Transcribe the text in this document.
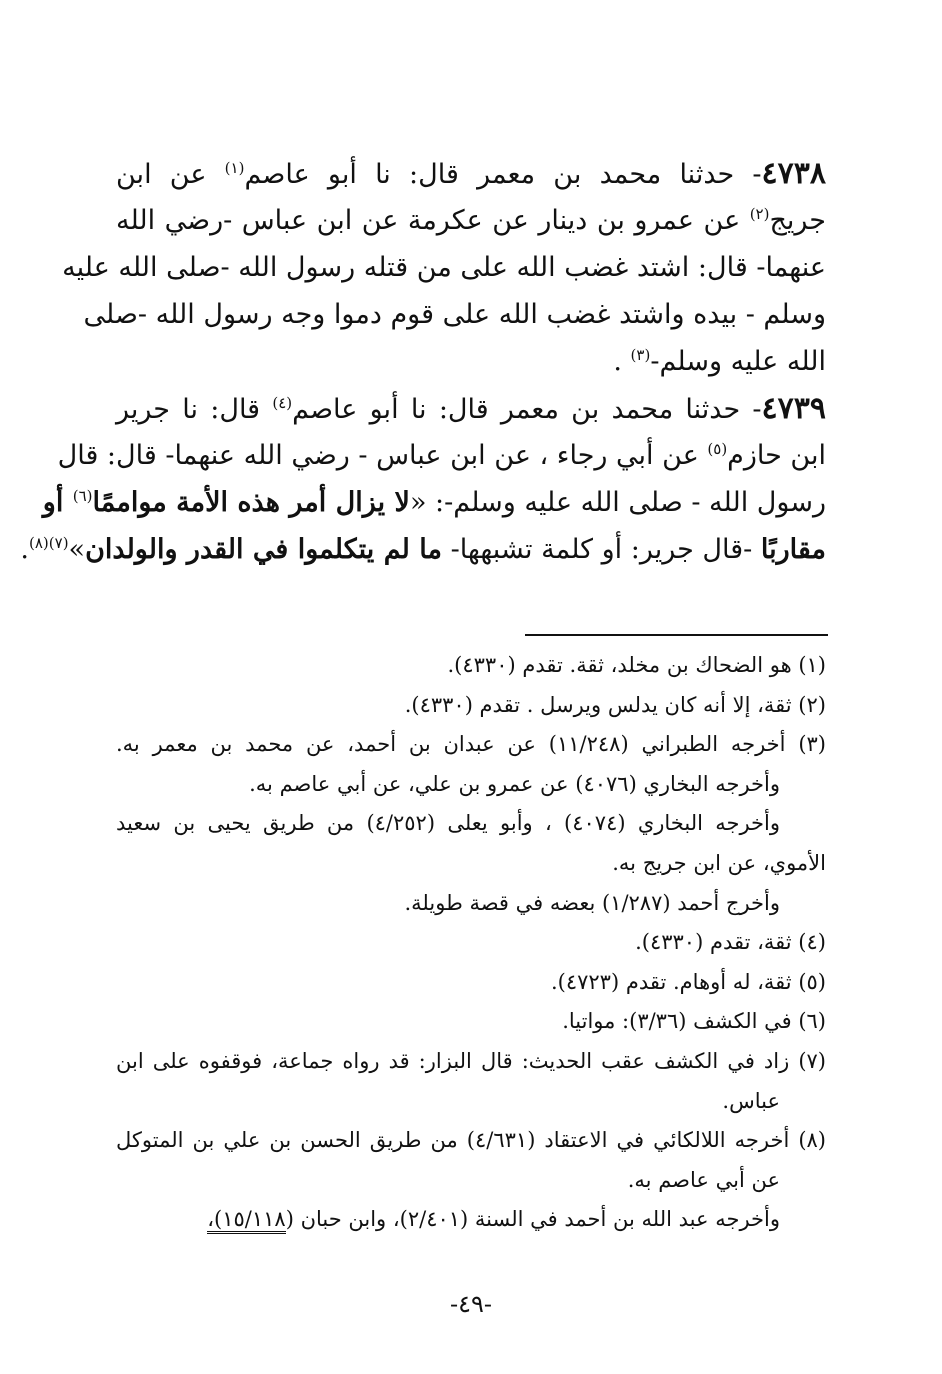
٤٧٣٨- حدثنا محمد بن معمر قال: نا أبو عاصم$^{(١)}$ عن ابن
جريج$^{(٢)}$ عن عمرو بن دينار عن عكرمة عن ابن عباس -رضي الله
عنهما- قال: اشتد غضب الله على من قتله رسول الله -صلى الله عليه
وسلم - بيده واشتد غضب الله على قوم دموا وجه رسول الله -صلى
الله عليه وسلم-$^{(٣)}$ .
٤٧٣٩- حدثنا محمد بن معمر قال: نا أبو عاصم$^{(٤)}$ قال: نا جرير
ابن حازم$^{(٥)}$ عن أبي رجاء ، عن ابن عباس - رضي الله عنهما- قال: قال
رسول الله - صلى الله عليه وسلم-: «لا يزال أمر هذه الأمة مواممًا$^{(٦)}$ أو
مقاربًا -قال جرير: أو كلمة تشبهها- ما لم يتكلموا في القدر والولدان»$^{(٧)(٨)}$.
(١) هو الضحاك بن مخلد، ثقة. تقدم (٤٣٣٠).
(٢) ثقة، إلا أنه كان يدلس ويرسل . تقدم (٤٣٣٠).
(٣) أخرجه الطبراني (١١/٢٤٨) عن عبدان بن أحمد، عن محمد بن معمر به.
وأخرجه البخاري (٤٠٧٦) عن عمرو بن علي، عن أبي عاصم به.
وأخرجه البخاري (٤٠٧٤) ، وأبو يعلى (٤/٢٥٢) من طريق يحيى بن سعيد
الأموي، عن ابن جريج به.
وأخرج أحمد (١/٢٨٧) بعضه في قصة طويلة.
(٤) ثقة، تقدم (٤٣٣٠).
(٥) ثقة، له أوهام. تقدم (٤٧٢٣).
(٦) في الكشف (٣/٣٦): مواتيا.
(٧) زاد في الكشف عقب الحديث: قال البزار: قد رواه جماعة، فوقفوه على ابن
عباس.
(٨) أخرجه اللالكائي في الاعتقاد (٤/٦٣١) من طريق الحسن بن علي بن المتوكل
عن أبي عاصم به.
وأخرجه عبد الله بن أحمد في السنة (٢/٤٠١)، وابن حبان (١٥/١١٨)،
-٤٩-
